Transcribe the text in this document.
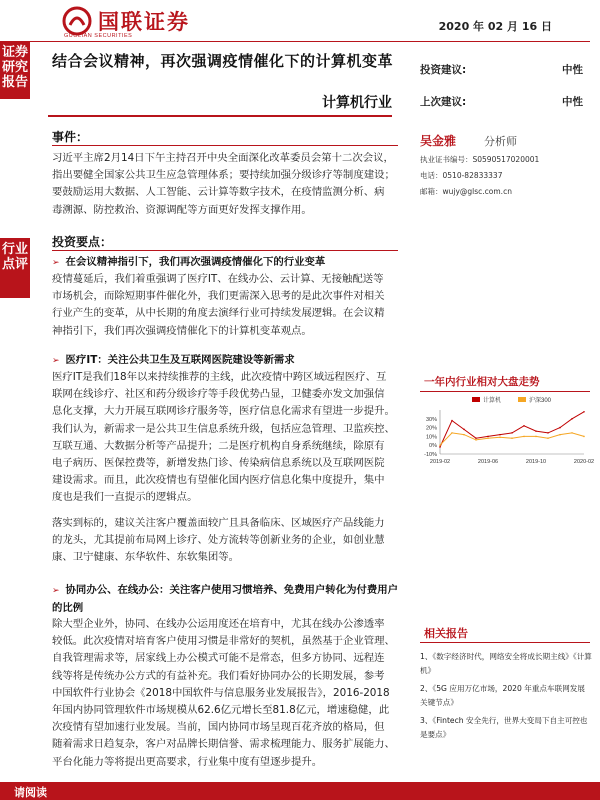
国联证券
GUOLIAN SECURITIES
2020 年 02 月 16 日
证券研究报告
行业点评
结合会议精神，再次强调疫情催化下的计算机变革
计算机行业
投资建议:	中性
上次建议:	中性
吴金雅	分析师
执业证书编号：S0590517020001
电话：0510-82833337
邮箱：wujy@glsc.com.cn
事件：
习近平主席2月14日下午主持召开中央全面深化改革委员会第十二次会议，
指出要健全国家公共卫生应急管理体系；要持续加强分级诊疗等制度建设；
要鼓励运用大数据、人工智能、云计算等数字技术，在疫情监测分析、病
毒溯源、防控救治、资源调配等方面更好发挥支撑作用。
投资要点：
➢ 在会议精神指引下，我们再次强调疫情催化下的行业变革
疫情蔓延后，我们着重强调了医疗IT、在线办公、云计算、无接触配送等
市场机会，而除短期事件催化外，我们更需深入思考的是此次事件对相关
行业产生的变革，从中长期的角度去演绎行业可持续发展逻辑。在会议精
神指引下，我们再次强调疫情催化下的计算机变革观点。
➢ 医疗IT：关注公共卫生及互联网医院建设等新需求
医疗IT是我们18年以来持续推荐的主线，此次疫情中跨区域远程医疗、互
联网在线诊疗、社区和药分级诊疗等手段优势凸显，卫健委亦发文加强信
息化支撑，大力开展互联网诊疗服务等，医疗信息化需求有望进一步提升。
我们认为，新需求一是公共卫生信息系统升级，包括应急管理、卫监疾控、
互联互通、大数据分析等产品提升；二是医疗机构自身系统继续，除原有
电子病历、医保控费等，新增发热门诊、传染病信息系统以及互联网医院
建设需求。而且，此次疫情也有望催化国内医疗信息化集中度提升，集中
度也是我们一直提示的逻辑点。
落实到标的，建议关注客户覆盖面较广且具备临床、区域医疗产品线能力
的龙头，尤其提前布局网上诊疗、处方流转等创新业务的企业，如创业慧
康、卫宁健康、东华软件、东软集团等。
➢ 协同办公、在线办公：关注客户使用习惯培养、免费用户转化为付费用户的比例
除大型企业外，协同、在线办公运用度还在培育中，尤其在线办公渗透率
较低。此次疫情对培育客户使用习惯是非常好的契机，虽然基于企业管理、
自我管理需求等，居家线上办公模式可能不是常态，但多方协同、远程连
线等将是传统办公方式的有益补充。我们看好协同办公的长期发展，参考
中国软件行业协会《2018中国软件与信息服务业发展报告》，2016-2018
年国内协同管理软件市场规模从62.6亿元增长至81.8亿元，增速稳健，此
次疫情有望加速行业发展。当前，国内协同市场呈现百花齐放的格局，但
随着需求日趋复杂，客户对品牌长期信誉、需求梳理能力、服务扩展能力、
平台化能力等将提出更高要求，行业集中度有望逐步提升。
一年内行业相对大盘走势
-10%
0%
10%
20%
30%
2019-02	2019-06	2019-10	2020-02
计算机	沪深300
相关报告
1、《数字经济时代，网络安全将成长期主线》《计算机》
2、《5G 应用万亿市场，2020 年重点车联网发展关键节点》
3、《Fintech 安全先行，世界大变局下自主可控也是要点》
请阅读
